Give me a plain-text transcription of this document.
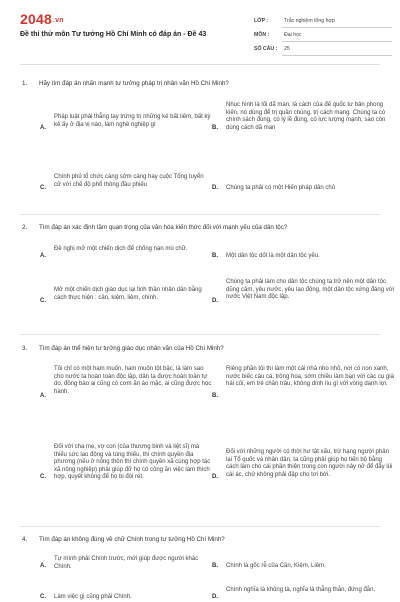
2048.vn
Đề thi thử môn Tư tưởng Hồ Chí Minh có đáp án - Đề 43
LỚP :	Trắc nghiệm tổng hợp
MÔN :	Đại học
SỐ CÂU : 25
1. Hãy tìm đáp án nhấn mạnh tư tưởng pháp trị nhân văn Hồ Chí Minh?
A.
Pháp luật phải thẳng tay trừng trị những kẻ bất liêm, bất kỳ kẻ ấy ở địa vị nào, làm nghề nghiệp gì
B.
Nhục hình là lối dã man, là cách của đế quốc tư bản phong kiến, nó dùng để trị quần chúng, trị cách mạng. Chúng ta có chính sách đúng, có lý lẽ đúng, có lực lượng mạnh, sao còn dùng cách dã man
C.
Chính phủ tổ chức càng sớm càng hay cuộc Tổng tuyển cử với chế độ phổ thông đầu phiếu
D. Chúng ta phải có một Hiến pháp dân chủ
2. Tìm đáp án xác định tầm quan trọng của văn hóa kiến thức đối với mạnh yếu của dân tộc?
A.
Đề nghị mở một chiến dịch để chống nạn mù chữ.
B. Một dân tộc dốt là một dân tộc yếu.
C.
Mở một chiến dịch giáo dục lại tinh thần nhân dân bằng cách thực hiện : cần, kiệm, liêm, chính.
D.
Chúng ta phải làm cho dân tộc chúng ta trở nên một dân tộc dũng cảm, yêu nước, yêu lao động, một dân tộc xứng đáng với nước Việt Nam độc lập.
3. Tìm đáp án thể hiện tư tưởng giáo dục nhân văn của Hồ Chí Minh?
A.
Tôi chỉ có một ham muốn, ham muốn tột bậc, là làm sao cho nước ta hoàn toàn độc lập, dân ta được hoàn toàn tự do, đồng bào ai cũng có cơm ăn áo mặc, ai cũng được học hành.
B.
Riêng phần tôi thì làm một cái nhà nho nhỏ, nơi có non xanh, nước biếc câu cá, trồng hoa, sớm chiều làm bạn với các cụ già hái củi, em trẻ chăn trâu, không dính líu gì với vòng danh lợi.
C.
Đối với cha mẹ, vợ con (của thương binh và liệt sĩ) mà thiếu sức lao động và túng thiếu, thì chính quyền địa phương (nếu ở nông thôn thì chính quyền xã cùng hợp tác xã nông nghiệp) phải giúp đỡ họ có công ăn việc làm thích hợp, quyết không để họ bị đói rét.	D.
Đối với những người có thời hư tật xấu, trừ hạng người phản lại Tổ quốc và nhân dân, ta cũng phải giúp họ tiến bộ bằng cách làm cho cái phần thiện trong con người nảy nở để đẩy lùi cái ác, chứ không phải đập cho tơi bời.
4. Tìm đáp án không đúng về chữ Chính trong tư tưởng Hồ Chí Minh?
A.
Tự mình phải Chính trước, mới giúp được người khác Chính.	B. Chính là gốc rễ của Cần, Kiệm, Liêm.
C. Làm việc gì cũng phải Chính.	D.
Chính nghĩa là không tà, nghĩa là thẳng thắn, đứng đắn.
